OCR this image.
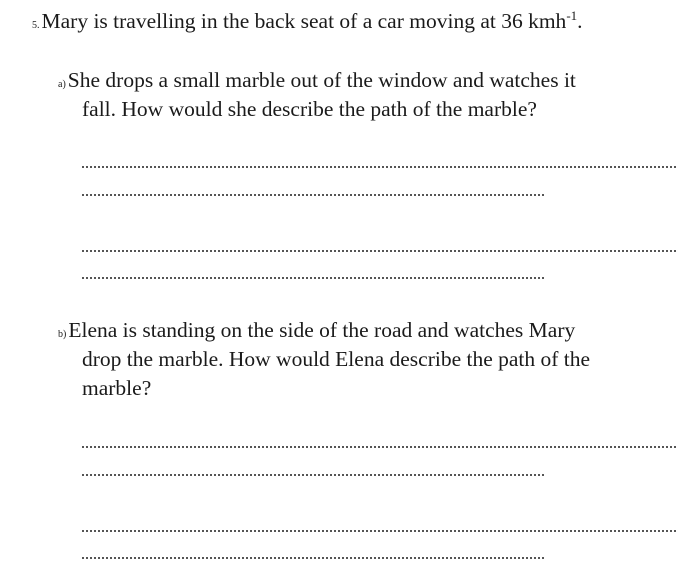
5.Mary is travelling in the back seat of a car moving at 36 kmh$^{-1}$.
a)She drops a small marble out of the window and watches it
fall. How would she describe the path of the marble?
b)Elena is standing on the side of the road and watches Mary
drop the marble. How would Elena describe the path of the
marble?
